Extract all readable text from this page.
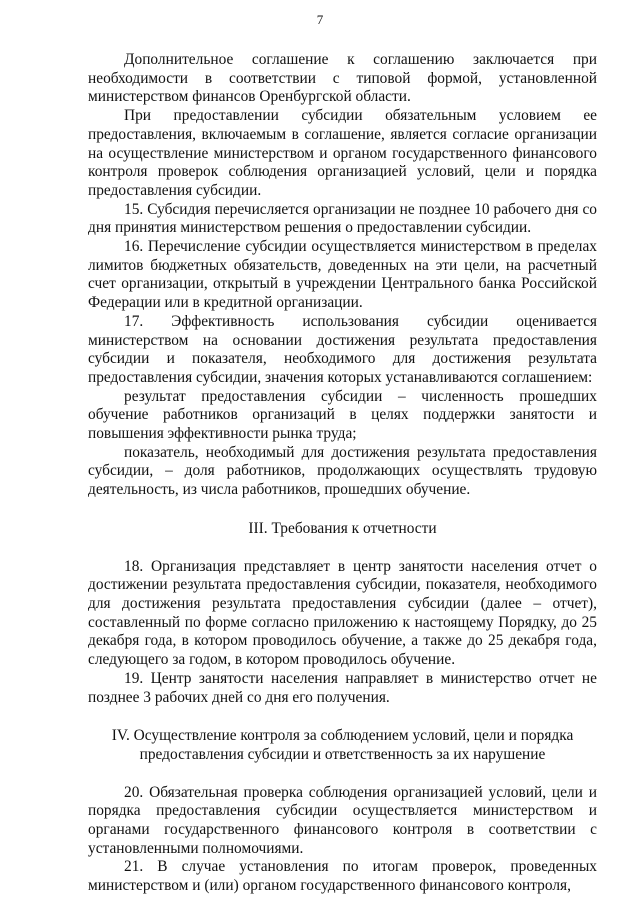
7

Дополнительное соглашение к соглашению заключается при необходимости в соответствии с типовой формой, установленной министерством финансов Оренбургской области.

При предоставлении субсидии обязательным условием ее предоставления, включаемым в соглашение, является согласие организации на осуществление министерством и органом государственного финансового контроля проверок соблюдения организацией условий, цели и порядка предоставления субсидии.

15. Субсидия перечисляется организации не позднее 10 рабочего дня со дня принятия министерством решения о предоставлении субсидии.

16. Перечисление субсидии осуществляется министерством в пределах лимитов бюджетных обязательств, доведенных на эти цели, на расчетный счет организации, открытый в учреждении Центрального банка Российской Федерации или в кредитной организации.

17. Эффективность использования субсидии оценивается министерством на основании достижения результата предоставления субсидии и показателя, необходимого для достижения результата предоставления субсидии, значения которых устанавливаются соглашением:

результат предоставления субсидии – численность прошедших обучение работников организаций в целях поддержки занятости и повышения эффективности рынка труда;

показатель, необходимый для достижения результата предоставления субсидии, – доля работников, продолжающих осуществлять трудовую деятельность, из числа работников, прошедших обучение.

III. Требования к отчетности

18. Организация представляет в центр занятости населения отчет о достижении результата предоставления субсидии, показателя, необходимого для достижения результата предоставления субсидии (далее – отчет), составленный по форме согласно приложению к настоящему Порядку, до 25 декабря года, в котором проводилось обучение, а также до 25 декабря года, следующего за годом, в котором проводилось обучение.

19. Центр занятости населения направляет в министерство отчет не позднее 3 рабочих дней со дня его получения.

IV. Осуществление контроля за соблюдением условий, цели и порядка

предоставления субсидии и ответственность за их нарушение

20. Обязательная проверка соблюдения организацией условий, цели и порядка предоставления субсидии осуществляется министерством и органами государственного финансового контроля в соответствии с установленными полномочиями.

21. В случае установления по итогам проверок, проведенных министерством и (или) органом государственного финансового контроля,
